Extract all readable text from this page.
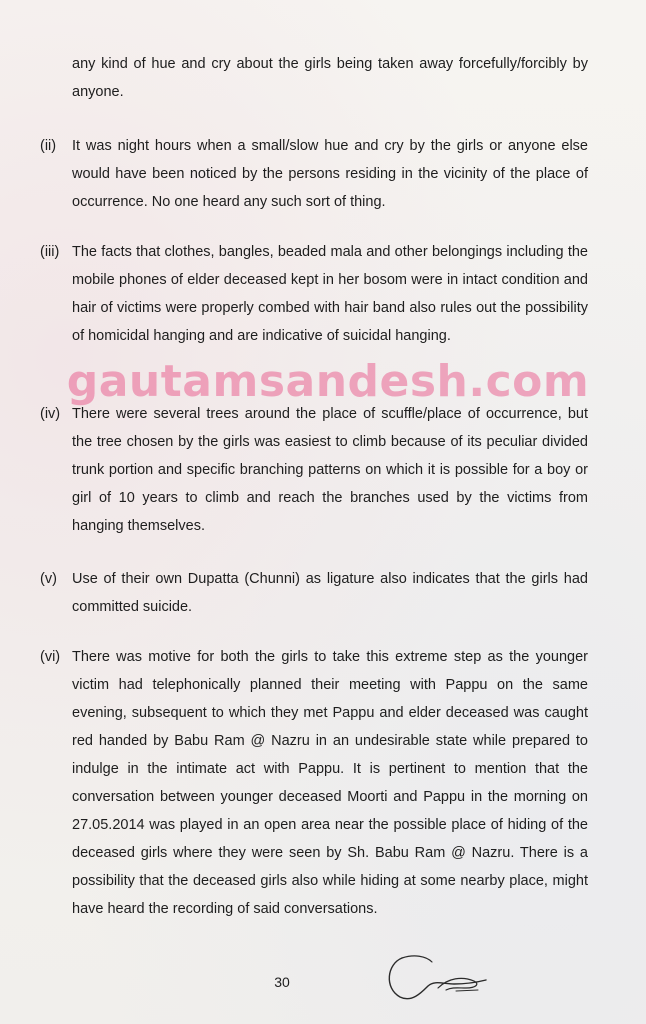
any kind of hue and cry about the girls being taken away forcefully/forcibly by anyone.

(ii) It was night hours when a small/slow hue and cry by the girls or anyone else would have been noticed by the persons residing in the vicinity of the place of occurrence. No one heard any such sort of thing.

(iii) The facts that clothes, bangles, beaded mala and other belongings including the mobile phones of elder deceased kept in her bosom were in intact condition and hair of victims were properly combed with hair band also rules out the possibility of homicidal hanging and are indicative of suicidal hanging.

(iv) There were several trees around the place of scuffle/place of occurrence, but the tree chosen by the girls was easiest to climb because of its peculiar divided trunk portion and specific branching patterns on which it is possible for a boy or girl of 10 years to climb and reach the branches used by the victims from hanging themselves.

(v) Use of their own Dupatta (Chunni) as ligature also indicates that the girls had committed suicide.

(vi) There was motive for both the girls to take this extreme step as the younger victim had telephonically planned their meeting with Pappu on the same evening, subsequent to which they met Pappu and elder deceased was caught red handed by Babu Ram @ Nazru in an undesirable state while prepared to indulge in the intimate act with Pappu. It is pertinent to mention that the conversation between younger deceased Moorti and Pappu in the morning on 27.05.2014 was played in an open area near the possible place of hiding of the deceased girls where they were seen by Sh. Babu Ram @ Nazru. There is a possibility that the deceased girls also while hiding at some nearby place, might have heard the recording of said conversations.

gautamsandesh.com
30
